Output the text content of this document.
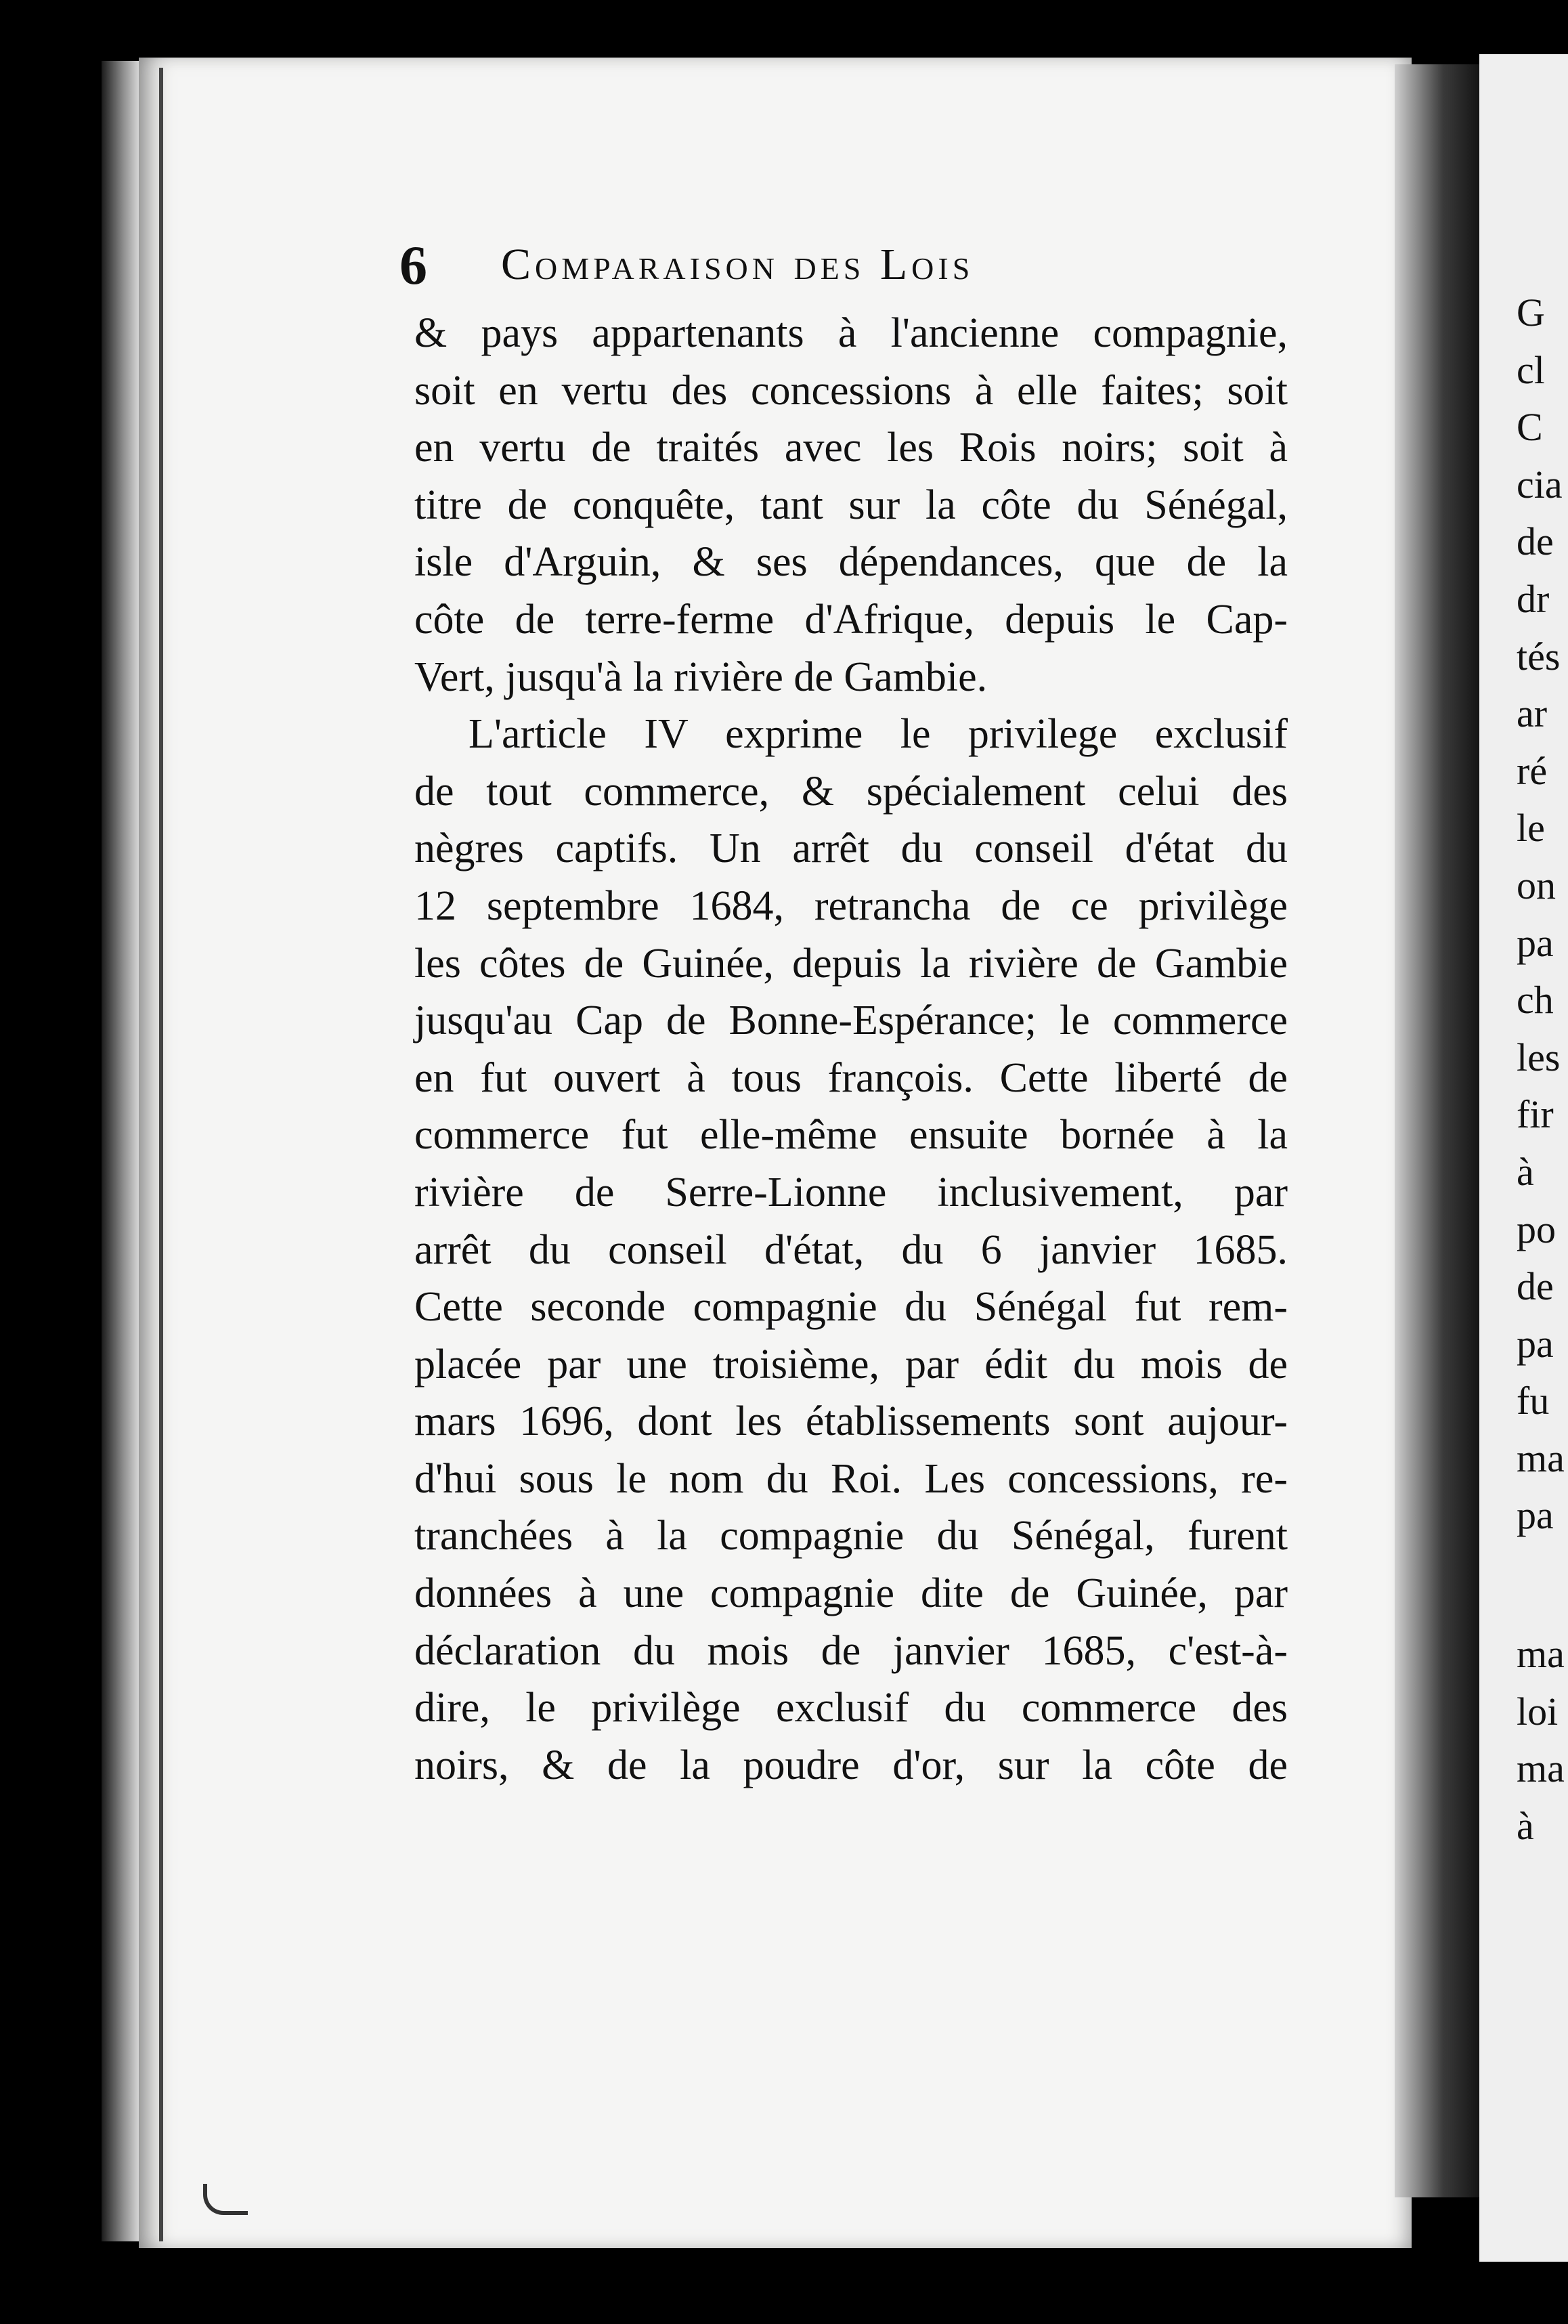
G
cl
C
cia
de
dr
tés
ar
ré
le
on
pa
ch
les
fir
à
po
de
pa
fu
ma
pa
ma
loi
ma
à
6 Comparaison des Lois
& pays appartenants à l'ancienne compagnie,
soit en vertu des concessions à elle faites; soit
en vertu de traités avec les Rois noirs; soit à
titre de conquête, tant sur la côte du Sénégal,
isle d'Arguin, & ses dépendances, que de la
côte de terre-ferme d'Afrique, depuis le Cap-
Vert, jusqu'à la rivière de Gambie.
L'article IV exprime le privilege exclusif
de tout commerce, & spécialement celui des
nègres captifs. Un arrêt du conseil d'état du
12 septembre 1684, retrancha de ce privilège
les côtes de Guinée, depuis la rivière de Gambie
jusqu'au Cap de Bonne-Espérance; le commerce
en fut ouvert à tous françois. Cette liberté de
commerce fut elle-même ensuite bornée à la
rivière de Serre-Lionne inclusivement, par
arrêt du conseil d'état, du 6 janvier 1685.
Cette seconde compagnie du Sénégal fut rem-
placée par une troisième, par édit du mois de
mars 1696, dont les établissements sont aujour-
d'hui sous le nom du Roi. Les concessions, re-
tranchées à la compagnie du Sénégal, furent
données à une compagnie dite de Guinée, par
déclaration du mois de janvier 1685, c'est-à-
dire, le privilège exclusif du commerce des
noirs, & de la poudre d'or, sur la côte de
